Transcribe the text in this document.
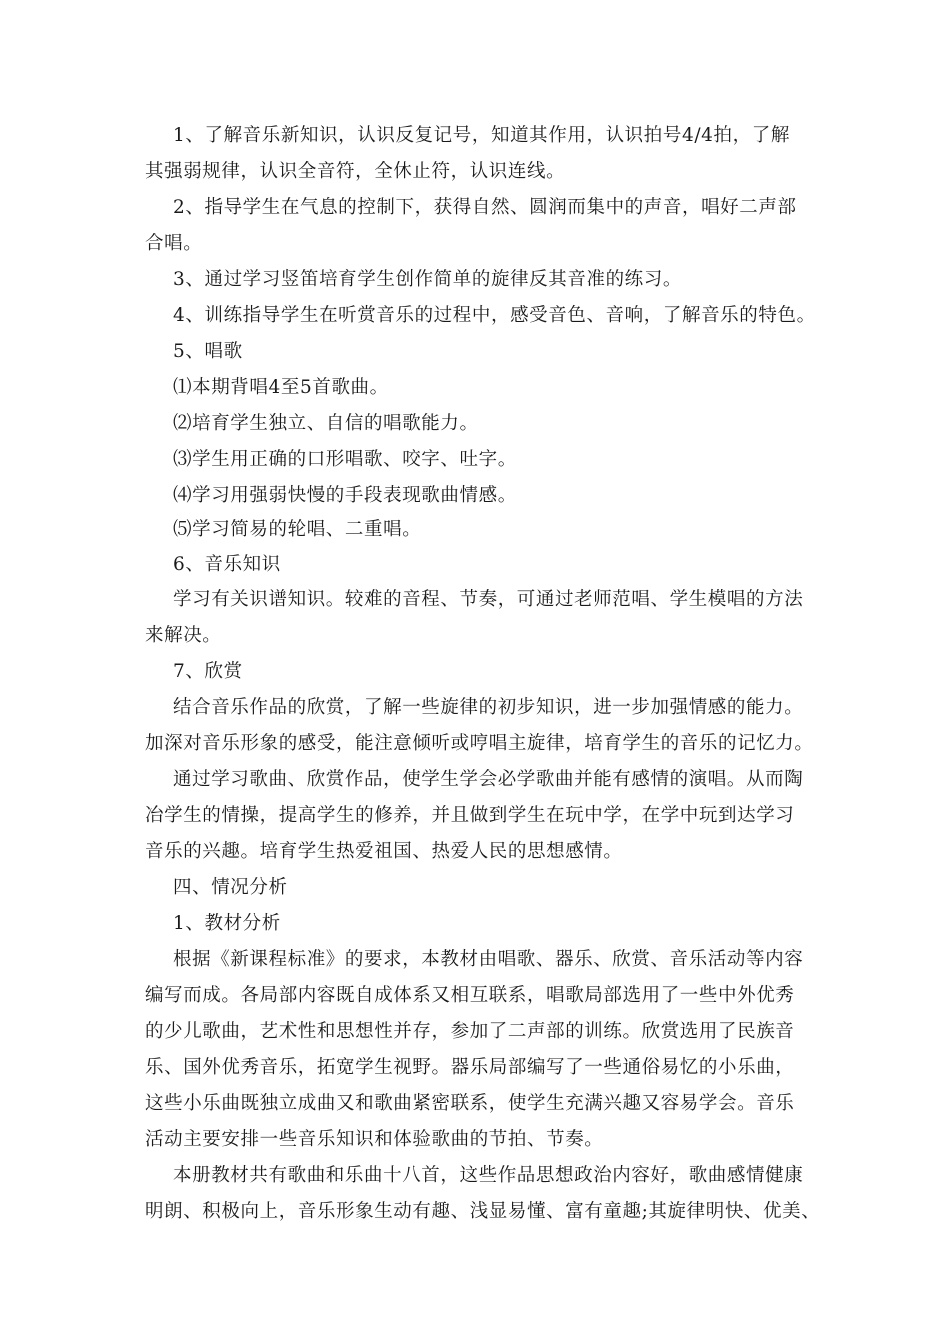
1、了解音乐新知识，认识反复记号，知道其作用，认识拍号4/4拍，了解
其强弱规律，认识全音符，全休止符，认识连线。
2、指导学生在气息的控制下，获得自然、圆润而集中的声音，唱好二声部
合唱。
3、通过学习竖笛培育学生创作简单的旋律反其音准的练习。
4、训练指导学生在听赏音乐的过程中，感受音色、音响，了解音乐的特色。
5、唱歌
⑴本期背唱4至5首歌曲。
⑵培育学生独立、自信的唱歌能力。
⑶学生用正确的口形唱歌、咬字、吐字。
⑷学习用强弱快慢的手段表现歌曲情感。
⑸学习简易的轮唱、二重唱。
6、音乐知识
学习有关识谱知识。较难的音程、节奏，可通过老师范唱、学生模唱的方法
来解决。
7、欣赏
结合音乐作品的欣赏，了解一些旋律的初步知识，进一步加强情感的能力。
加深对音乐形象的感受，能注意倾听或哼唱主旋律，培育学生的音乐的记忆力。
通过学习歌曲、欣赏作品，使学生学会必学歌曲并能有感情的演唱。从而陶
冶学生的情操，提高学生的修养，并且做到学生在玩中学，在学中玩到达学习
音乐的兴趣。培育学生热爱祖国、热爱人民的思想感情。
四、情况分析
1、教材分析
根据《新课程标准》的要求，本教材由唱歌、器乐、欣赏、音乐活动等内容
编写而成。各局部内容既自成体系又相互联系，唱歌局部选用了一些中外优秀
的少儿歌曲，艺术性和思想性并存，参加了二声部的训练。欣赏选用了民族音
乐、国外优秀音乐，拓宽学生视野。器乐局部编写了一些通俗易忆的小乐曲，
这些小乐曲既独立成曲又和歌曲紧密联系，使学生充满兴趣又容易学会。音乐
活动主要安排一些音乐知识和体验歌曲的节拍、节奏。
本册教材共有歌曲和乐曲十八首，这些作品思想政治内容好，歌曲感情健康
明朗、积极向上，音乐形象生动有趣、浅显易懂、富有童趣;其旋律明快、优美、
